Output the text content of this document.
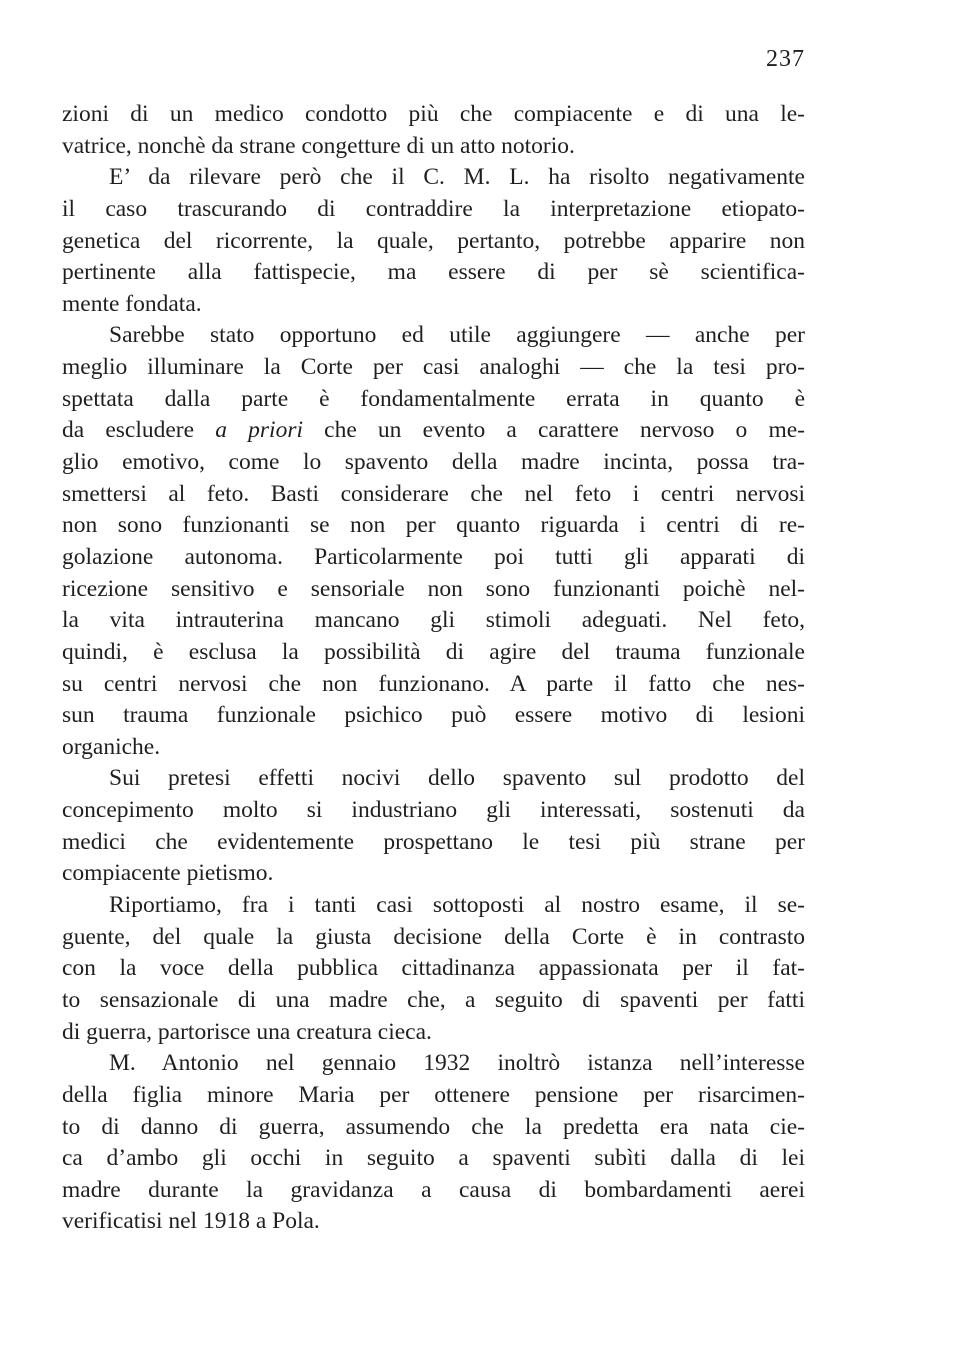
237
zioni di un medico condotto più che compiacente e di una le-
vatrice, nonchè da strane congetture di un atto notorio.
E’ da rilevare però che il C. M. L. ha risolto negativamente
il caso trascurando di contraddire la interpretazione etiopato-
genetica del ricorrente, la quale, pertanto, potrebbe apparire non
pertinente alla fattispecie, ma essere di per sè scientifica-
mente fondata.
Sarebbe stato opportuno ed utile aggiungere — anche per
meglio illuminare la Corte per casi analoghi — che la tesi pro-
spettata dalla parte è fondamentalmente errata in quanto è
da escludere a priori che un evento a carattere nervoso o me-
glio emotivo, come lo spavento della madre incinta, possa tra-
smettersi al feto. Basti considerare che nel feto i centri nervosi
non sono funzionanti se non per quanto riguarda i centri di re-
golazione autonoma. Particolarmente poi tutti gli apparati di
ricezione sensitivo e sensoriale non sono funzionanti poichè nel-
la vita intrauterina mancano gli stimoli adeguati. Nel feto,
quindi, è esclusa la possibilità di agire del trauma funzionale
su centri nervosi che non funzionano. A parte il fatto che nes-
sun trauma funzionale psichico può essere motivo di lesioni
organiche.
Sui pretesi effetti nocivi dello spavento sul prodotto del
concepimento molto si industriano gli interessati, sostenuti da
medici che evidentemente prospettano le tesi più strane per
compiacente pietismo.
Riportiamo, fra i tanti casi sottoposti al nostro esame, il se-
guente, del quale la giusta decisione della Corte è in contrasto
con la voce della pubblica cittadinanza appassionata per il fat-
to sensazionale di una madre che, a seguito di spaventi per fatti
di guerra, partorisce una creatura cieca.
M. Antonio nel gennaio 1932 inoltrò istanza nell’interesse
della figlia minore Maria per ottenere pensione per risarcimen-
to di danno di guerra, assumendo che la predetta era nata cie-
ca d’ambo gli occhi in seguito a spaventi subìti dalla di lei
madre durante la gravidanza a causa di bombardamenti aerei
verificatisi nel 1918 a Pola.
